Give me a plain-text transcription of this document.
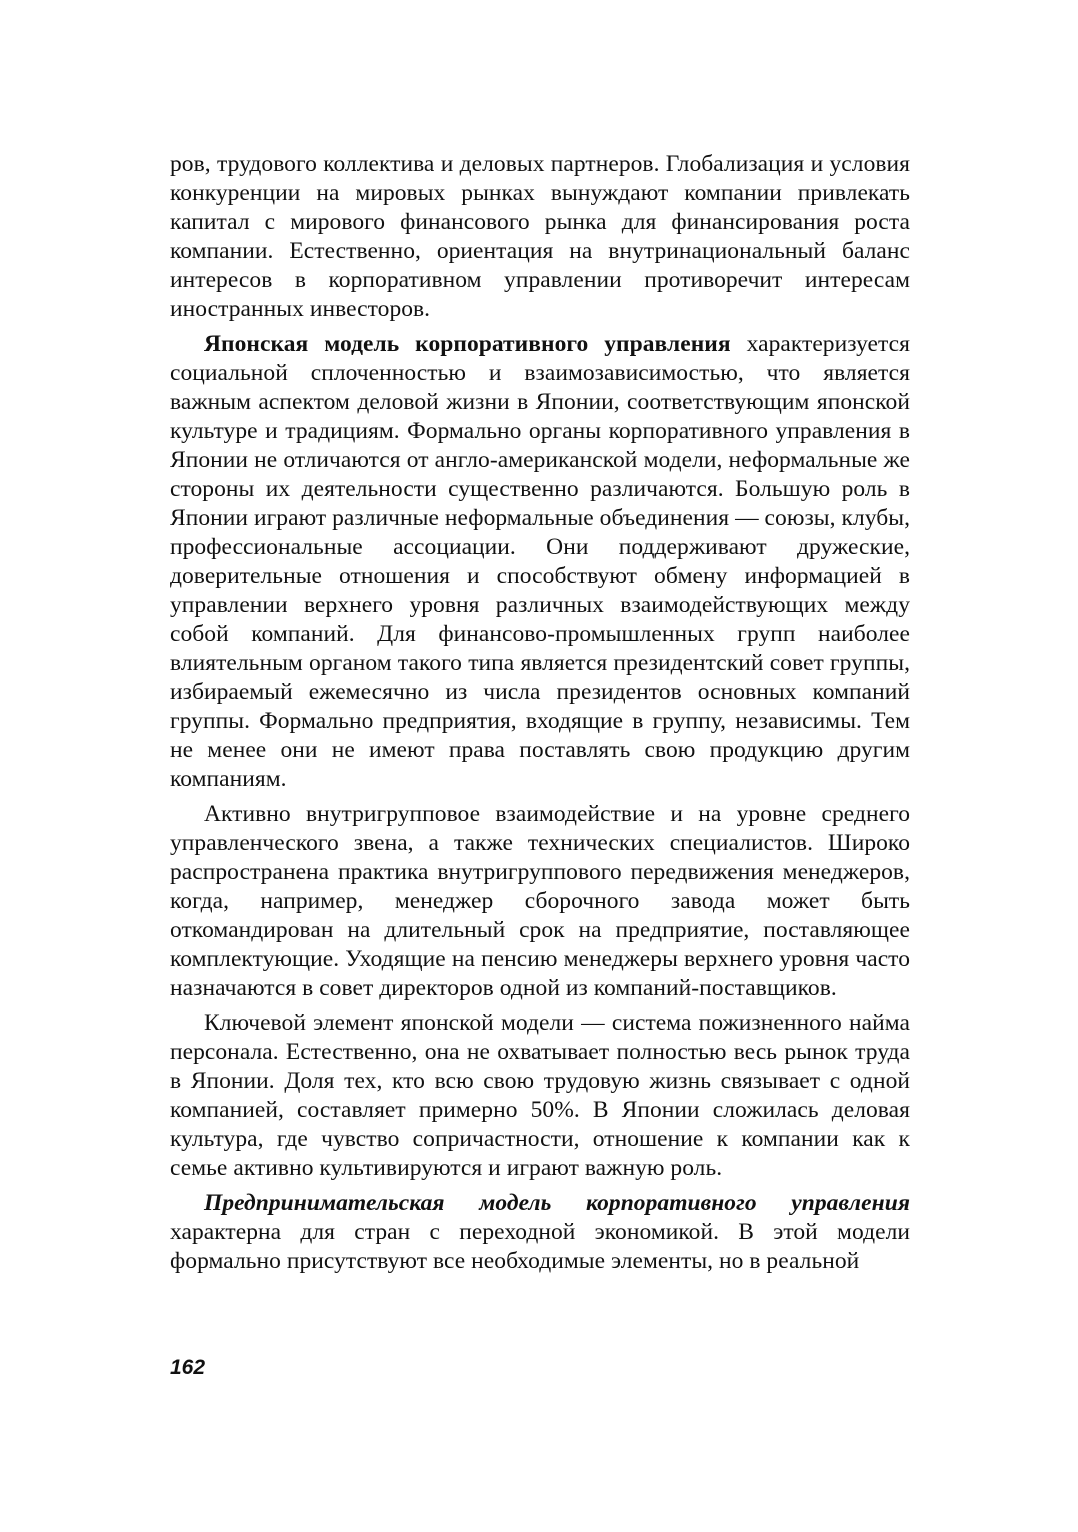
ров, трудового коллектива и деловых партнеров. Глобализация и условия конкуренции на мировых рынках вынуждают компании привлекать капитал с мирового финансового рынка для финансирования роста компании. Естественно, ориентация на внутринациональный баланс интересов в корпоративном управлении противоречит интересам иностранных инвесторов.

Японская модель корпоративного управления характеризуется социальной сплоченностью и взаимозависимостью, что является важным аспектом деловой жизни в Японии, соответствующим японской культуре и традициям. Формально органы корпоративного управления в Японии не отличаются от англо-американской модели, неформальные же стороны их деятельности существенно различаются. Большую роль в Японии играют различные неформальные объединения — союзы, клубы, профессиональные ассоциации. Они поддерживают дружеские, доверительные отношения и способствуют обмену информацией в управлении верхнего уровня различных взаимодействующих между собой компаний. Для финансово-промышленных групп наиболее влиятельным органом такого типа является президентский совет группы, избираемый ежемесячно из числа президентов основных компаний группы. Формально предприятия, входящие в группу, независимы. Тем не менее они не имеют права поставлять свою продукцию другим компаниям.

Активно внутригрупповое взаимодействие и на уровне среднего управленческого звена, а также технических специалистов. Широко распространена практика внутригруппового передвижения менеджеров, когда, например, менеджер сборочного завода может быть откомандирован на длительный срок на предприятие, поставляющее комплектующие. Уходящие на пенсию менеджеры верхнего уровня часто назначаются в совет директоров одной из компаний-поставщиков.

Ключевой элемент японской модели — система пожизненного найма персонала. Естественно, она не охватывает полностью весь рынок труда в Японии. Доля тех, кто всю свою трудовую жизнь связывает с одной компанией, составляет примерно 50%. В Японии сложилась деловая культура, где чувство сопричастности, отношение к компании как к семье активно культивируются и играют важную роль.

Предпринимательская модель корпоративного управления характерна для стран с переходной экономикой. В этой модели формально присутствуют все необходимые элементы, но в реальной

162
